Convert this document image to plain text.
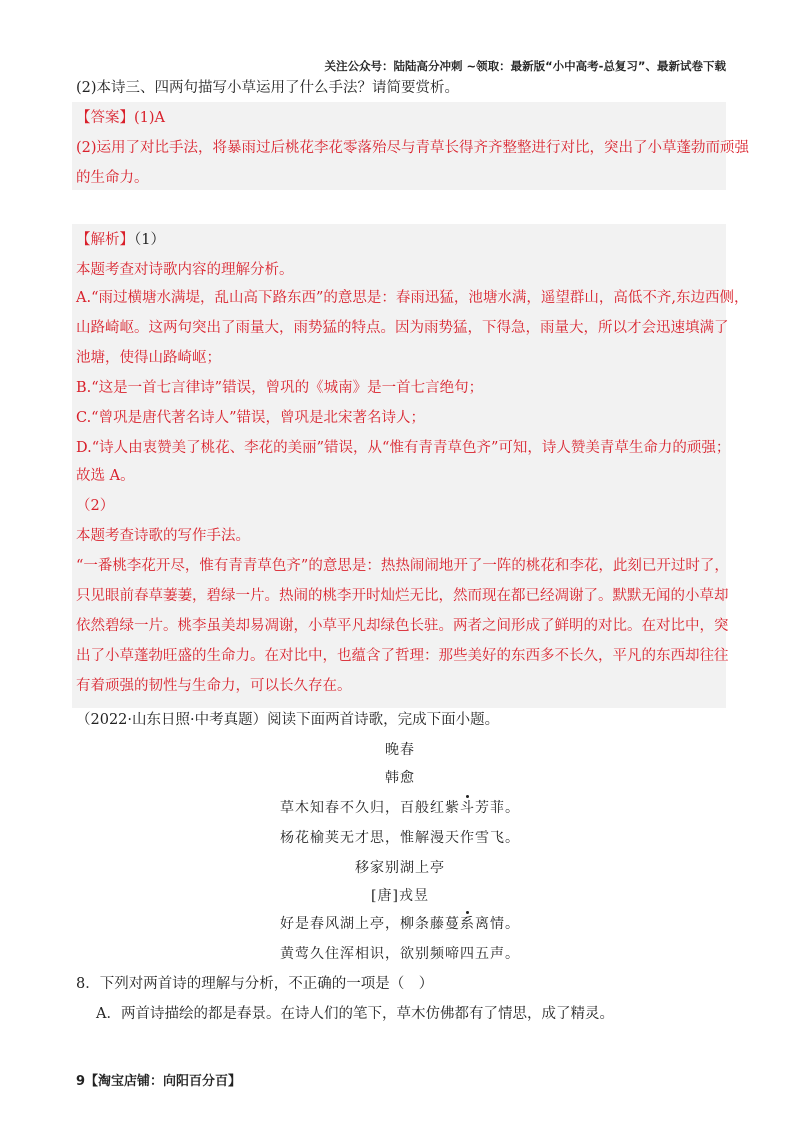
关注公众号：陆陆高分冲刺 ~领取：最新版“小中高考-总复习”、最新试卷下载
(2)本诗三、四两句描写小草运用了什么手法？请简要赏析。
【答案】(1)A
(2)运用了对比手法，将暴雨过后桃花李花零落殆尽与青草长得齐齐整整进行对比，突出了小草蓬勃而顽强
的生命力。
【解析】（1）
本题考查对诗歌内容的理解分析。
A.“雨过横塘水满堤，乱山高下路东西”的意思是：春雨迅猛，池塘水满，遥望群山，高低不齐,东边西侧，
山路崎岖。这两句突出了雨量大，雨势猛的特点。因为雨势猛，下得急，雨量大，所以才会迅速填满了
池塘，使得山路崎岖；
B.“这是一首七言律诗”错误，曾巩的《城南》是一首七言绝句；
C.“曾巩是唐代著名诗人”错误，曾巩是北宋著名诗人；
D.“诗人由衷赞美了桃花、李花的美丽”错误，从“惟有青青草色齐”可知，诗人赞美青草生命力的顽强；
故选 A。
（2）
本题考查诗歌的写作手法。
“一番桃李花开尽，惟有青青草色齐”的意思是：热热闹闹地开了一阵的桃花和李花，此刻已开过时了，
只见眼前春草萋萋，碧绿一片。热闹的桃李开时灿烂无比，然而现在都已经凋谢了。默默无闻的小草却
依然碧绿一片。桃李虽美却易凋谢，小草平凡却绿色长驻。两者之间形成了鲜明的对比。在对比中，突
出了小草蓬勃旺盛的生命力。在对比中，也蕴含了哲理：那些美好的东西多不长久，平凡的东西却往往
有着顽强的韧性与生命力，可以长久存在。
（2022·山东日照·中考真题）阅读下面两首诗歌，完成下面小题。
晚春
韩愈
草木知春不久归，百般红紫斗芳菲。
杨花榆荚无才思，惟解漫天作雪飞。
移家别湖上亭
[唐]戎昱
好是春风湖上亭，柳条藤蔓系离情。
黄莺久住浑相识，欲别频啼四五声。
8．下列对两首诗的理解与分析，不正确的一项是（　）
A．两首诗描绘的都是春景。在诗人们的笔下，草木仿佛都有了情思，成了精灵。
9【淘宝店铺：向阳百分百】
